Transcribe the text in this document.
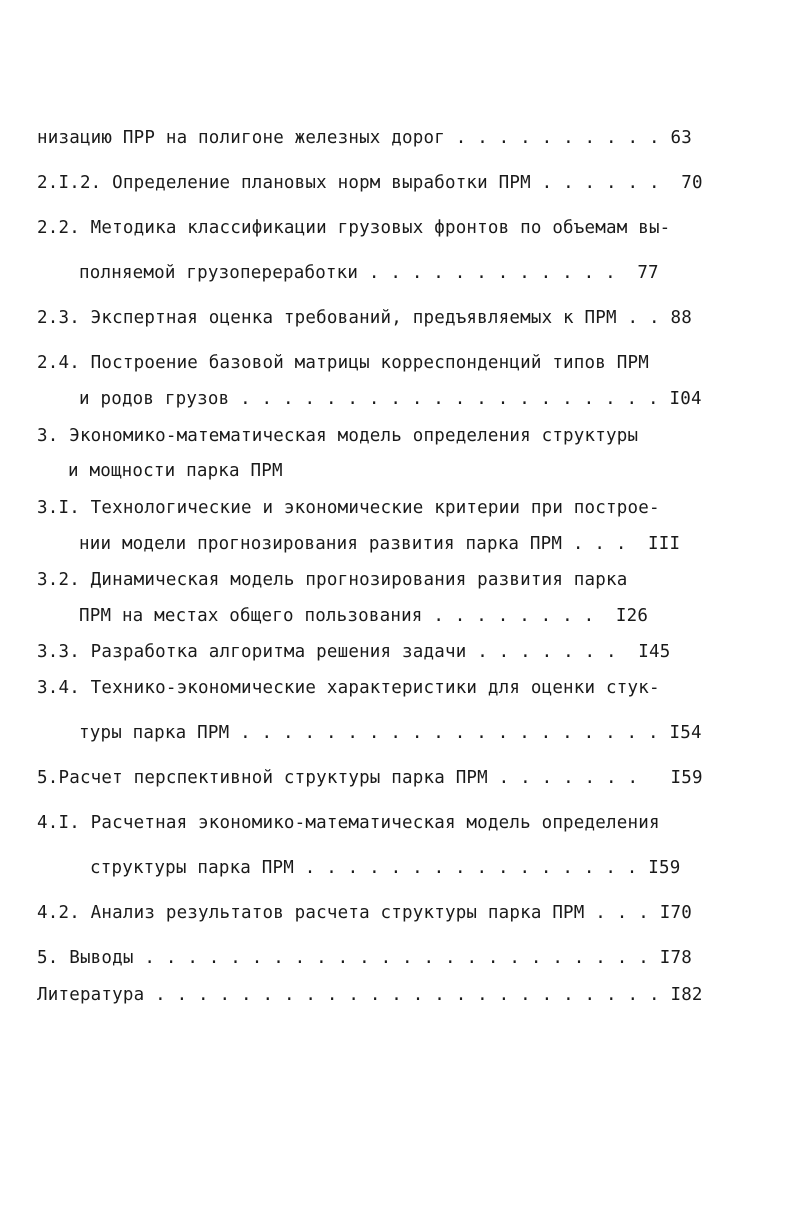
низацию ПРР на полигоне железных дорог . . . . . . . . . . 63
2.I.2. Определение плановых норм выработки ПРМ . . . . . . 70
2.2. Методика классификации грузовых фронтов по объемам вы-
полняемой грузопереработки . . . . . . . . . . . . 77
2.3. Экспертная оценка требований, предъявляемых к ПРМ . . 88
2.4. Построение базовой матрицы корреспонденций типов ПРМ
и родов грузов . . . . . . . . . . . . . . . . . . . . I04
3. Экономико-математическая модель определения структуры
и мощности парка ПРМ
3.I. Технологические и экономические критерии при построе-
нии модели прогнозирования развития парка ПРМ . . . III
3.2. Динамическая модель прогнозирования развития парка
ПРМ на местах общего пользования . . . . . . . . I26
3.3. Разработка алгоритма решения задачи . . . . . . . I45
3.4. Технико-экономические характеристики для оценки стук-
туры парка ПРМ . . . . . . . . . . . . . . . . . . . . I54
5.Расчет перспективной структуры парка ПРМ . . . . . . . I59
4.I. Расчетная экономико-математическая модель определения
структуры парка ПРМ . . . . . . . . . . . . . . . . I59
4.2. Анализ результатов расчета структуры парка ПРМ . . . I70
5. Выводы . . . . . . . . . . . . . . . . . . . . . . . . I78
Литература . . . . . . . . . . . . . . . . . . . . . . . . I82
